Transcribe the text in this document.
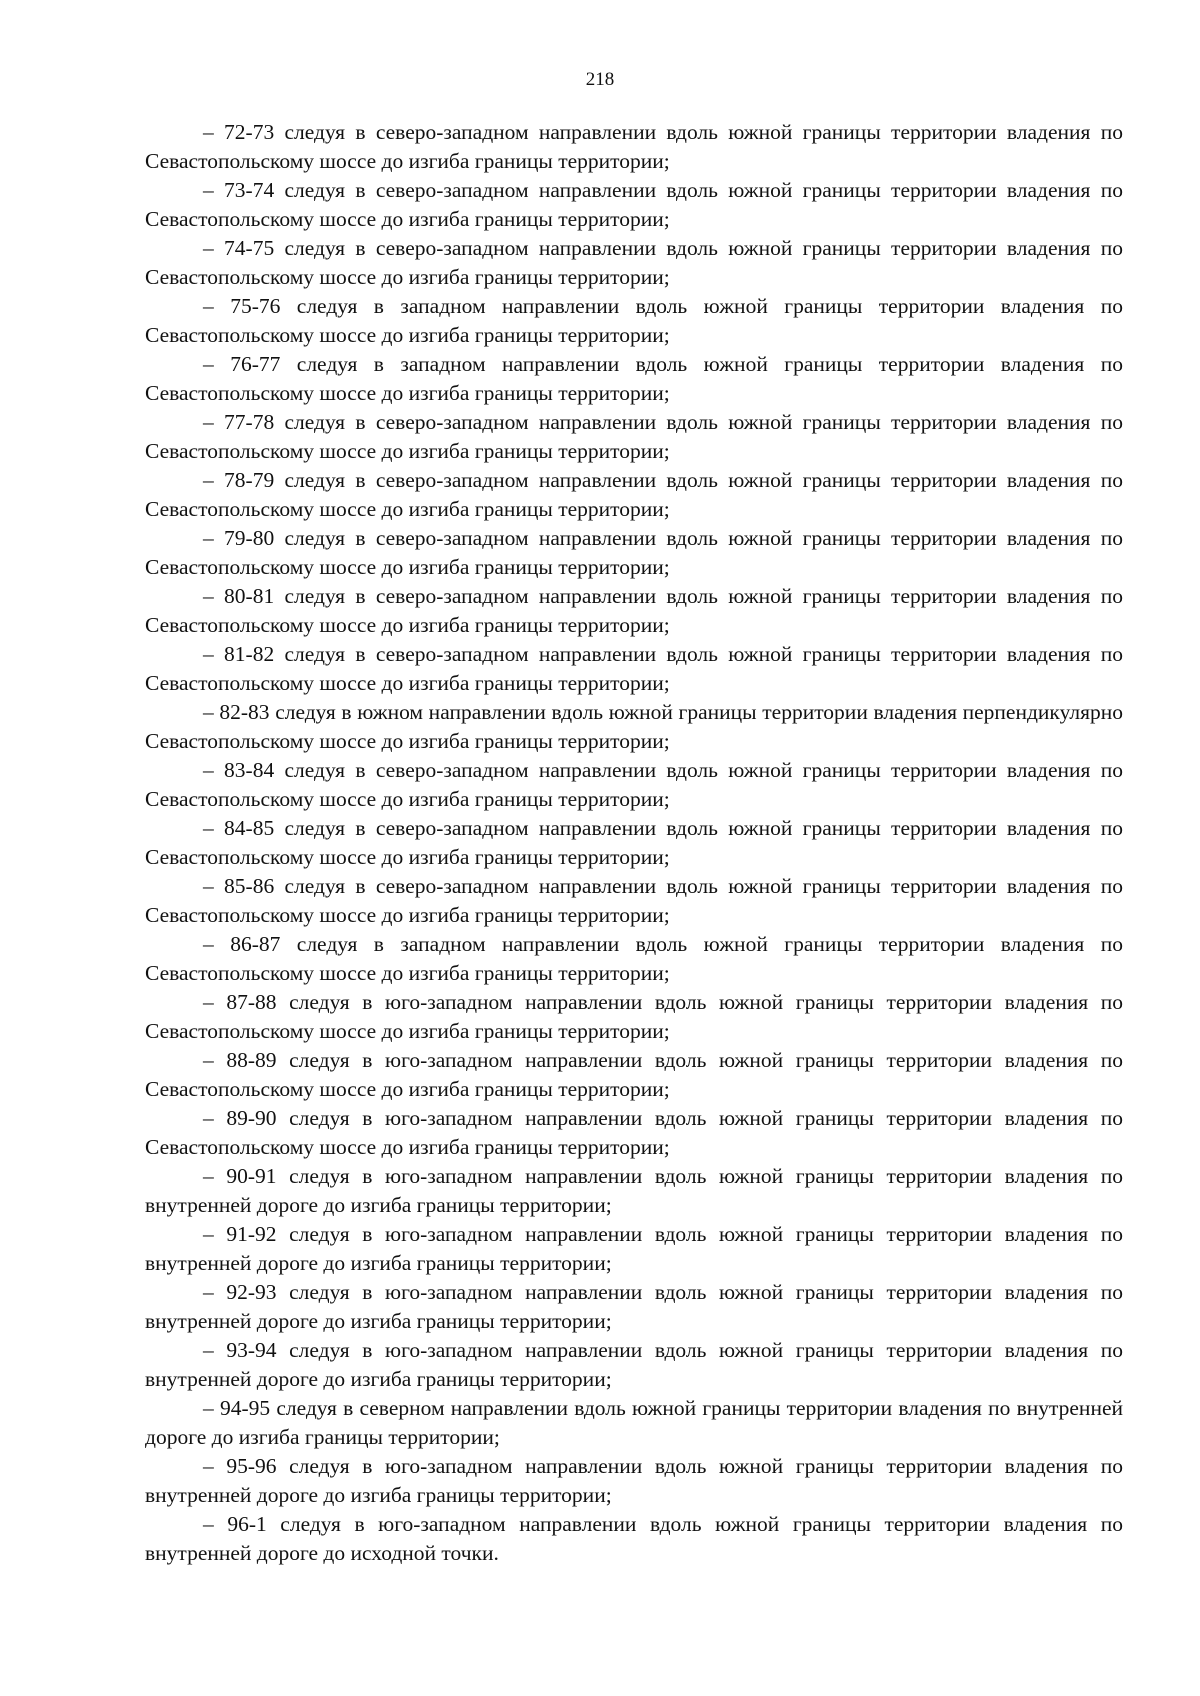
218

– 72-73 следуя в северо-западном направлении вдоль южной границы территории владения по Севастопольскому шоссе до изгиба границы территории;

– 73-74 следуя в северо-западном направлении вдоль южной границы территории владения по Севастопольскому шоссе до изгиба границы территории;

– 74-75 следуя в северо-западном направлении вдоль южной границы территории владения по Севастопольскому шоссе до изгиба границы территории;

– 75-76 следуя в западном направлении вдоль южной границы территории владения по Севастопольскому шоссе до изгиба границы территории;

– 76-77 следуя в западном направлении вдоль южной границы территории владения по Севастопольскому шоссе до изгиба границы территории;

– 77-78 следуя в северо-западном направлении вдоль южной границы территории владения по Севастопольскому шоссе до изгиба границы территории;

– 78-79 следуя в северо-западном направлении вдоль южной границы территории владения по Севастопольскому шоссе до изгиба границы территории;

– 79-80 следуя в северо-западном направлении вдоль южной границы территории владения по Севастопольскому шоссе до изгиба границы территории;

– 80-81 следуя в северо-западном направлении вдоль южной границы территории владения по Севастопольскому шоссе до изгиба границы территории;

– 81-82 следуя в северо-западном направлении вдоль южной границы территории владения по Севастопольскому шоссе до изгиба границы территории;

– 82-83 следуя в южном направлении вдоль южной границы территории владения перпендикулярно Севастопольскому шоссе до изгиба границы территории;

– 83-84 следуя в северо-западном направлении вдоль южной границы территории владения по Севастопольскому шоссе до изгиба границы территории;

– 84-85 следуя в северо-западном направлении вдоль южной границы территории владения по Севастопольскому шоссе до изгиба границы территории;

– 85-86 следуя в северо-западном направлении вдоль южной границы территории владения по Севастопольскому шоссе до изгиба границы территории;

– 86-87 следуя в западном направлении вдоль южной границы территории владения по Севастопольскому шоссе до изгиба границы территории;

– 87-88 следуя в юго-западном направлении вдоль южной границы территории владения по Севастопольскому шоссе до изгиба границы территории;

– 88-89 следуя в юго-западном направлении вдоль южной границы территории владения по Севастопольскому шоссе до изгиба границы территории;

– 89-90 следуя в юго-западном направлении вдоль южной границы территории владения по Севастопольскому шоссе до изгиба границы территории;

– 90-91 следуя в юго-западном направлении вдоль южной границы территории владения по внутренней дороге до изгиба границы территории;

– 91-92 следуя в юго-западном направлении вдоль южной границы территории владения по внутренней дороге до изгиба границы территории;

– 92-93 следуя в юго-западном направлении вдоль южной границы территории владения по внутренней дороге до изгиба границы территории;

– 93-94 следуя в юго-западном направлении вдоль южной границы территории владения по внутренней дороге до изгиба границы территории;

– 94-95 следуя в северном направлении вдоль южной границы территории владения по внутренней дороге до изгиба границы территории;

– 95-96 следуя в юго-западном направлении вдоль южной границы территории владения по внутренней дороге до изгиба границы территории;

– 96-1 следуя в юго-западном направлении вдоль южной границы территории владения по внутренней дороге до исходной точки.
